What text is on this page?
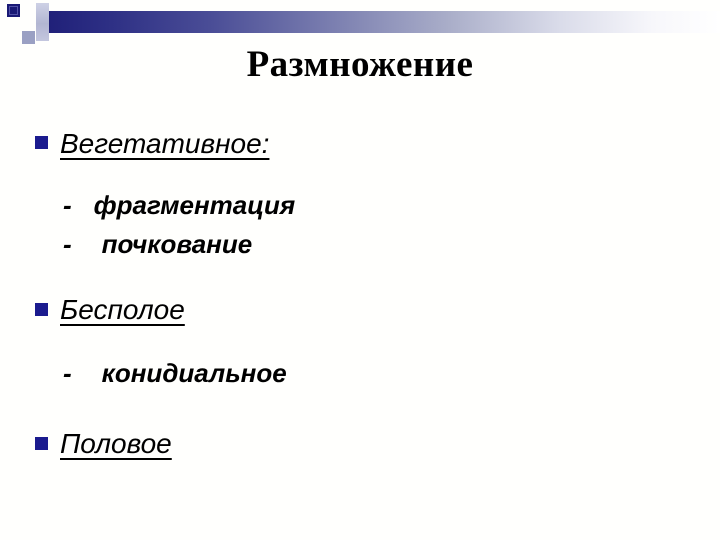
Размножение
Вегетативное:
- фрагментация
- почкование
Бесполое
- конидиальное
Половое
